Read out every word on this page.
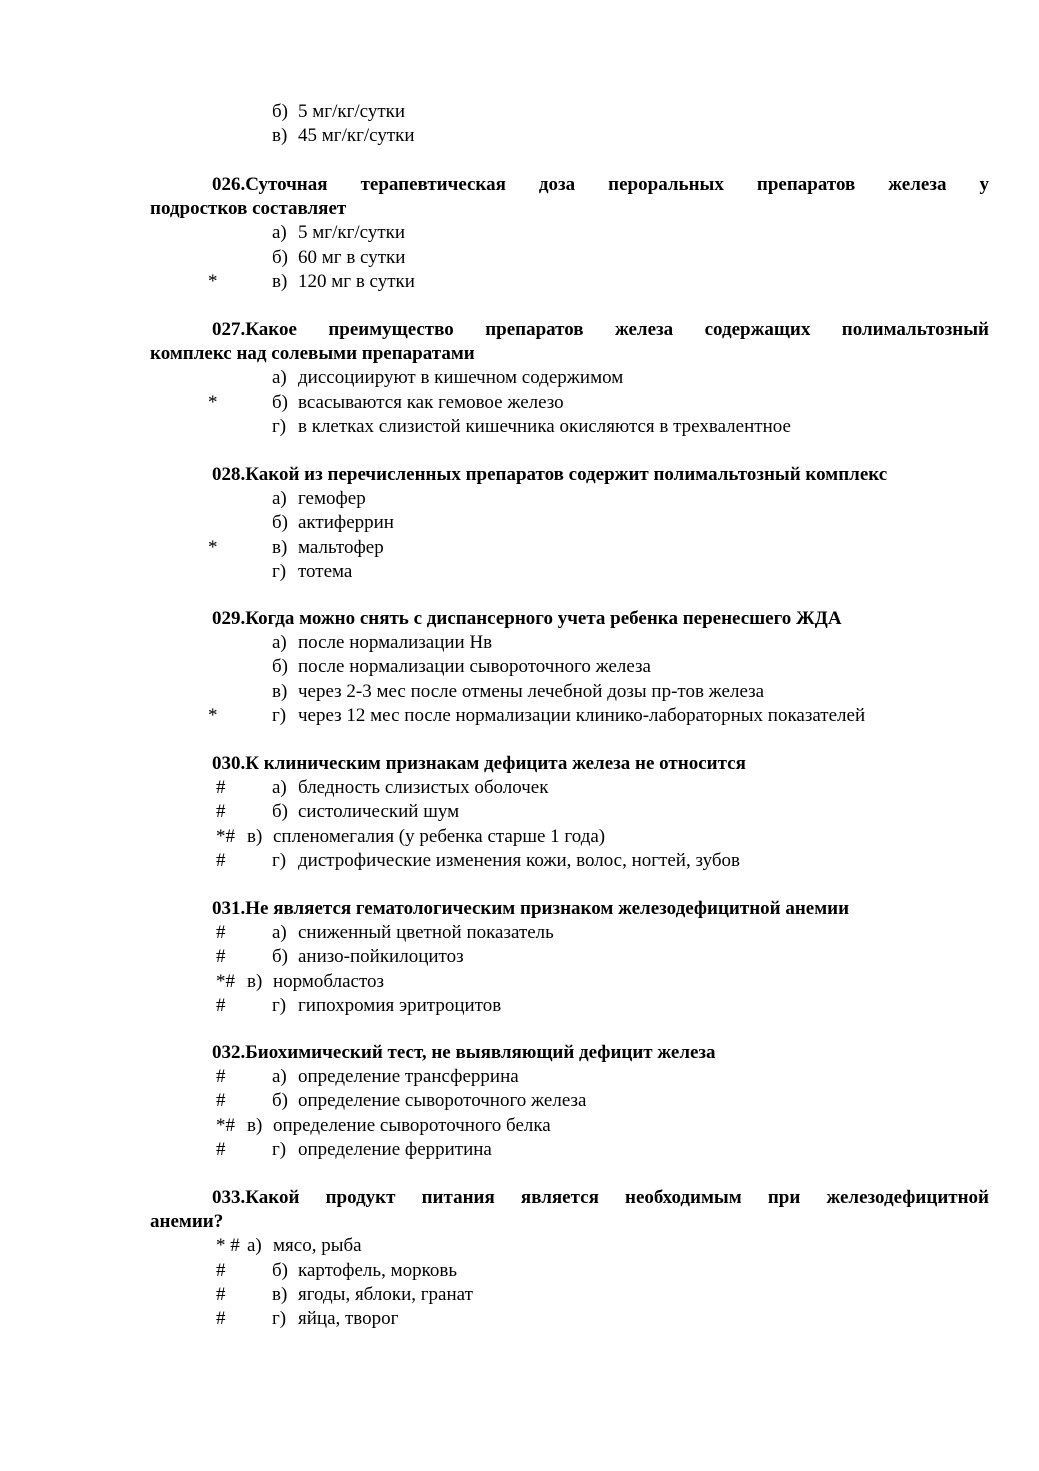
б) 5 мг/кг/сутки
в) 45 мг/кг/сутки
026.Суточная терапевтическая доза пероральных препаратов железа у
подростков составляет
а) 5 мг/кг/сутки
б) 60 мг в сутки
*	в) 120 мг в сутки
027.Какое преимущество препаратов железа содержащих полимальтозный
комплекс над солевыми препаратами
а) диссоциируют в кишечном содержимом
*	б) всасываются как гемовое железо
г) в клетках слизистой кишечника окисляются в трехвалентное
028.Какой из перечисленных препаратов содержит полимальтозный комплекс
а) гемофер
б) актиферрин
*	в) мальтофер
г) тотема
029.Когда можно снять с диспансерного учета ребенка перенесшего ЖДА
а) после нормализации Нв
б) после нормализации сывороточного железа
в) через 2-3 мес после отмены лечебной дозы пр-тов железа
*	г) через 12 мес после нормализации клинико-лабораторных показателей
030.К клиническим признакам дефицита железа не относится
# а) бледность слизистых оболочек
# б) систолический шум
*# в) спленомегалия (у ребенка старше 1 года)
# г) дистрофические изменения кожи, волос, ногтей, зубов
031.Не является гематологическим признаком железодефицитной анемии
# а) сниженный цветной показатель
# б) анизо-пойкилоцитоз
*# в) нормобластоз
# г) гипохромия эритроцитов
032.Биохимический тест, не выявляющий дефицит железа
# а) определение трансферрина
# б) определение сывороточного железа
*# в) определение сывороточного белка
# г) определение ферритина
033.Какой продукт питания является необходимым при железодефицитной
анемии?
* # а) мясо, рыба
# б) картофель, морковь
# в) ягоды, яблоки, гранат
# г) яйца, творог
